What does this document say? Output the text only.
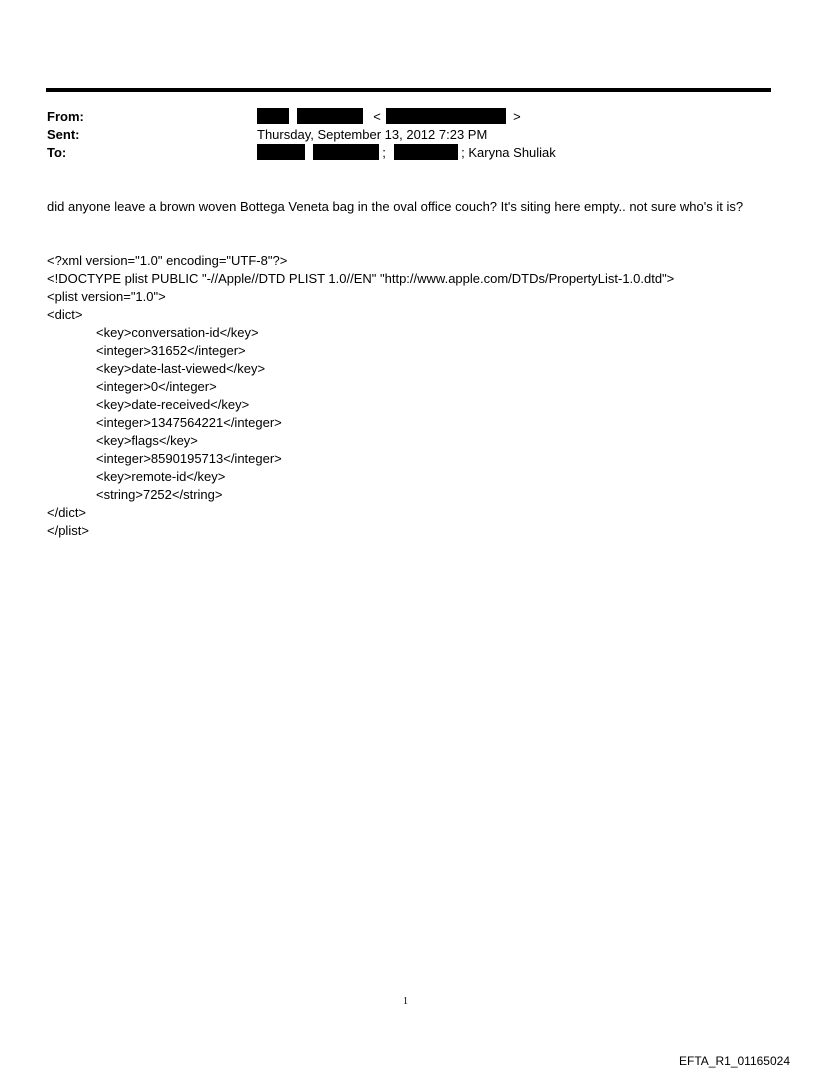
From:	<	>
Sent:	Thursday, September 13, 2012 7:23 PM
To:	;	; Karyna Shuliak
did anyone leave a brown woven Bottega Veneta bag in the oval office couch? It's siting here empty.. not sure who's it is?
<?xml version="1.0" encoding="UTF-8"?>
<!DOCTYPE plist PUBLIC "-//Apple//DTD PLIST 1.0//EN" "http://www.apple.com/DTDs/PropertyList-1.0.dtd">
<plist version="1.0">
<dict>
<key>conversation-id</key>
<integer>31652</integer>
<key>date-last-viewed</key>
<integer>0</integer>
<key>date-received</key>
<integer>1347564221</integer>
<key>flags</key>
<integer>8590195713</integer>
<key>remote-id</key>
<string>7252</string>
</dict>
</plist>
1
EFTA_R1_01165024
